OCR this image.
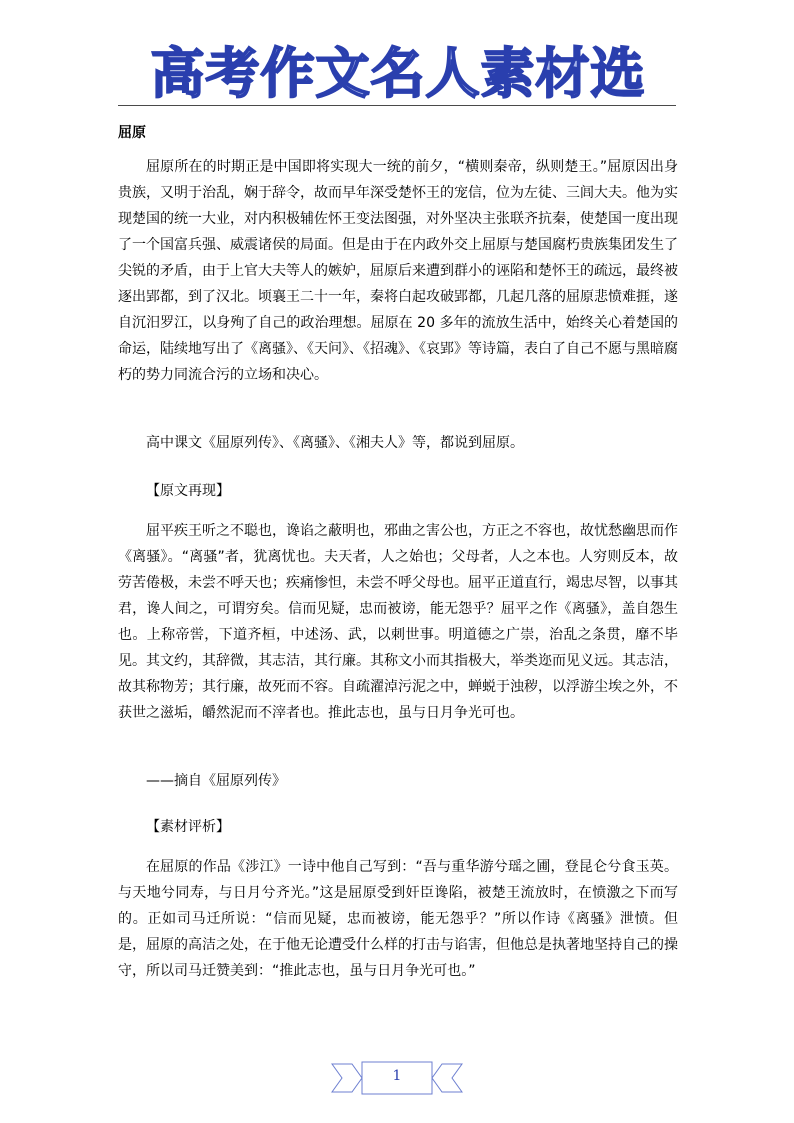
高考作文名人素材选
屈原

屈原所在的时期正是中国即将实现大一统的前夕，“横则秦帝，纵则楚王。”屈原因出身贵族，又明于治乱，娴于辞令，故而早年深受楚怀王的宠信，位为左徒、三闾大夫。他为实现楚国的统一大业，对内积极辅佐怀王变法图强，对外坚决主张联齐抗秦，使楚国一度出现了一个国富兵强、威震诸侯的局面。但是由于在内政外交上屈原与楚国腐朽贵族集团发生了尖锐的矛盾，由于上官大夫等人的嫉妒，屈原后来遭到群小的诬陷和楚怀王的疏远，最终被逐出郢都，到了汉北。顷襄王二十一年，秦将白起攻破郢都，几起几落的屈原悲愤难捱，遂自沉汨罗江，以身殉了自己的政治理想。屈原在 20 多年的流放生活中，始终关心着楚国的命运，陆续地写出了《离骚》、《天问》、《招魂》、《哀郢》等诗篇，表白了自己不愿与黑暗腐朽的势力同流合污的立场和决心。

高中课文《屈原列传》、《离骚》、《湘夫人》等，都说到屈原。

【原文再现】

屈平疾王听之不聪也，谗谄之蔽明也，邪曲之害公也，方正之不容也，故忧愁幽思而作《离骚》。“离骚”者，犹离忧也。夫天者，人之始也；父母者，人之本也。人穷则反本，故劳苦倦极，未尝不呼天也；疾痛惨怛，未尝不呼父母也。屈平正道直行，竭忠尽智，以事其君，谗人间之，可谓穷矣。信而见疑，忠而被谤，能无怨乎？屈平之作《离骚》，盖自怨生也。上称帝喾，下道齐桓，中述汤、武，以刺世事。明道德之广崇，治乱之条贯，靡不毕见。其文约，其辞微，其志洁，其行廉。其称文小而其指极大，举类迩而见义远。其志洁，故其称物芳；其行廉，故死而不容。自疏濯淖污泥之中，蝉蜕于浊秽，以浮游尘埃之外，不获世之滋垢，皭然泥而不滓者也。推此志也，虽与日月争光可也。

——摘自《屈原列传》

【素材评析】

在屈原的作品《涉江》一诗中他自己写到：“吾与重华游兮瑶之圃，登昆仑兮食玉英。与天地兮同寿，与日月兮齐光。”这是屈原受到奸臣谗陷，被楚王流放时，在愤激之下而写的。正如司马迁所说：“信而见疑，忠而被谤，能无怨乎？”所以作诗《离骚》泄愤。但是，屈原的高洁之处，在于他无论遭受什么样的打击与谄害，但他总是执著地坚持自己的操守，所以司马迁赞美到：“推此志也，虽与日月争光可也。”

1
